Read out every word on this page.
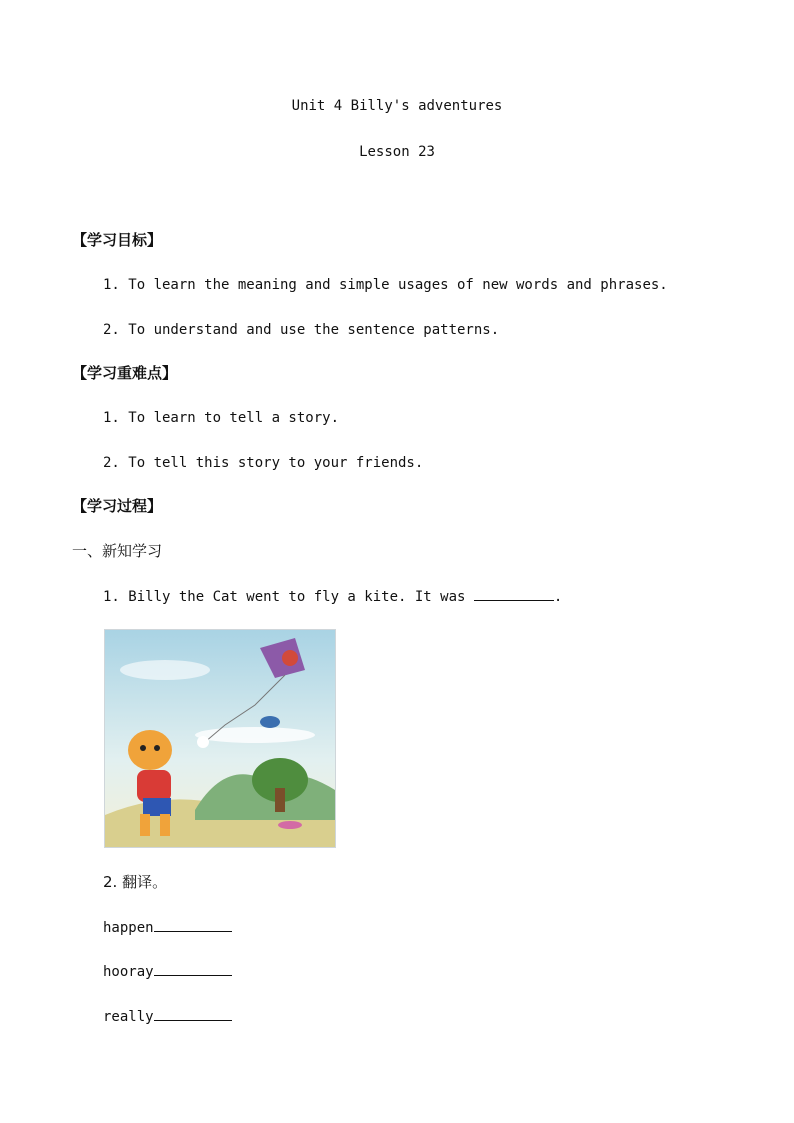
Unit 4 Billy's adventures
Lesson 23
【学习目标】
1. To learn the meaning and simple usages of new words and phrases.
2. To understand and use the sentence patterns.
【学习重难点】
1. To learn to tell a story.
2. To tell this story to your friends.
【学习过程】
一、新知学习
1. Billy the Cat went to fly a kite. It was	.
2. 翻译。
happen
hooray
really
